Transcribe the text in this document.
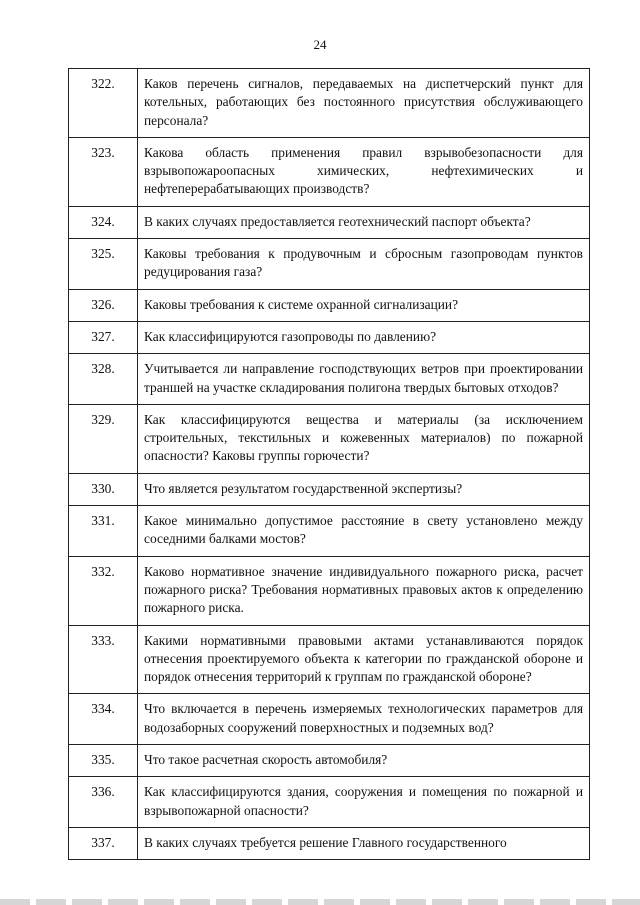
24
322.	Каков перечень сигналов, передаваемых на диспетчерский пункт для котельных, работающих без постоянного присутствия обслуживающего персонала?
323.	Какова область применения правил взрывобезопасности для взрывопожароопасных химических, нефтехимических и нефтеперерабатывающих производств?
324.	В каких случаях предоставляется геотехнический паспорт объекта?
325.	Каковы требования к продувочным и сбросным газопроводам пунктов редуцирования газа?
326.	Каковы требования к системе охранной сигнализации?
327.	Как классифицируются газопроводы по давлению?
328.	Учитывается ли направление господствующих ветров при проектировании траншей на участке складирования полигона твердых бытовых отходов?
329.	Как классифицируются вещества и материалы (за исключением строительных, текстильных и кожевенных материалов) по пожарной опасности? Каковы группы горючести?
330.	Что является результатом государственной экспертизы?
331.	Какое минимально допустимое расстояние в свету установлено между соседними балками мостов?
332.	Каково нормативное значение индивидуального пожарного риска, расчет пожарного риска? Требования нормативных правовых актов к определению пожарного риска.
333.	Какими нормативными правовыми актами устанавливаются порядок отнесения проектируемого объекта к категории по гражданской обороне и порядок отнесения территорий к группам по гражданской обороне?
334.	Что включается в перечень измеряемых технологических параметров для водозаборных сооружений поверхностных и подземных вод?
335.	Что такое расчетная скорость автомобиля?
336.	Как классифицируются здания, сооружения и помещения по пожарной и взрывопожарной опасности?
337.	В каких случаях требуется решение Главного государственного
